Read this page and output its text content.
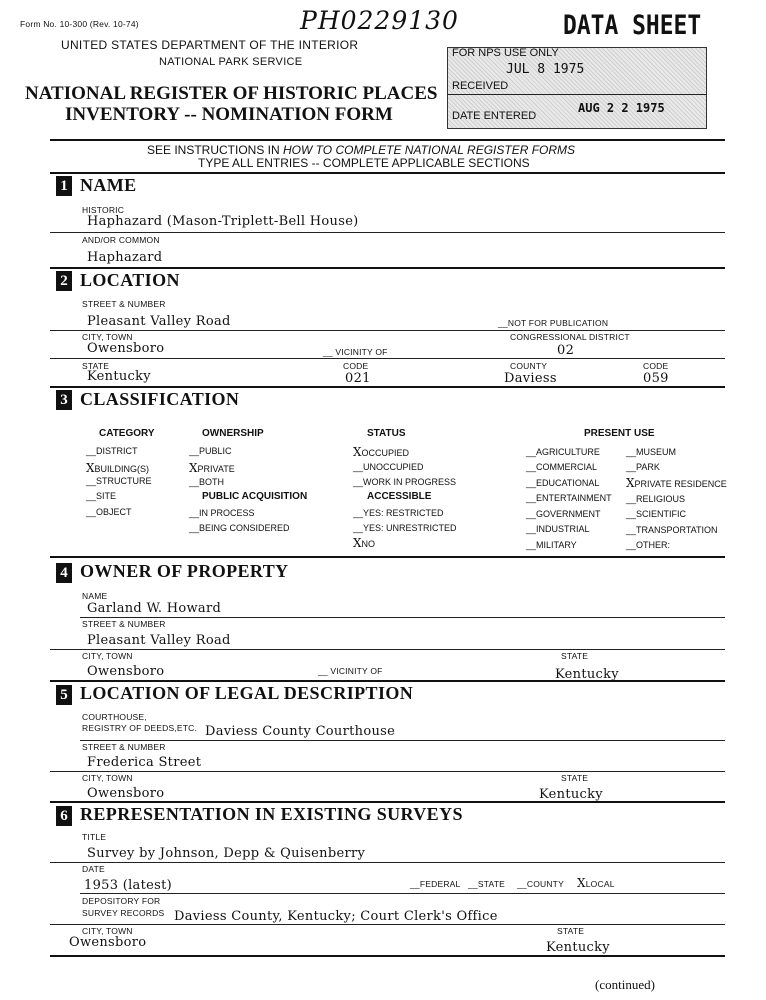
Form No. 10-300 (Rev. 10-74)	PH0229130
UNITED STATES DEPARTMENT OF THE INTERIOR
NATIONAL PARK SERVICE
NATIONAL REGISTER OF HISTORIC PLACES
INVENTORY -- NOMINATION FORM
DATA SHEET
FOR NPS USE ONLY
RECEIVED
JUL 8 1975
DATE ENTERED
AUG 2 2 1975
SEE INSTRUCTIONS IN HOW TO COMPLETE NATIONAL REGISTER FORMS
TYPE ALL ENTRIES -- COMPLETE APPLICABLE SECTIONS
1 NAME
HISTORIC
Haphazard (Mason-Triplett-Bell House)
AND/OR COMMON
Haphazard
2 LOCATION
STREET & NUMBER
Pleasant Valley Road	__NOT FOR PUBLICATION
CITY, TOWN	CONGRESSIONAL DISTRICT
Owensboro	__ VICINITY OF	02
STATE	CODE	COUNTY	CODE
Kentucky	021	Daviess	059
3 CLASSIFICATION
CATEGORY
__DISTRICT
XBUILDING(S)
__STRUCTURE
__SITE
__OBJECT
OWNERSHIP
__PUBLIC
XPRIVATE
__BOTH
PUBLIC ACQUISITION
__IN PROCESS
__BEING CONSIDERED
STATUS
XOCCUPIED
__UNOCCUPIED
__WORK IN PROGRESS
ACCESSIBLE
__YES: RESTRICTED
__YES: UNRESTRICTED
XNO
PRESENT USE
__AGRICULTURE
__COMMERCIAL
__EDUCATIONAL
__ENTERTAINMENT
__GOVERNMENT
__INDUSTRIAL
__MILITARY
__MUSEUM
__PARK
XPRIVATE RESIDENCE
__RELIGIOUS
__SCIENTIFIC
__TRANSPORTATION
__OTHER:
4 OWNER OF PROPERTY
NAME
Garland W. Howard
STREET & NUMBER
Pleasant Valley Road
CITY, TOWN	STATE
Owensboro	__ VICINITY OF	Kentucky
5 LOCATION OF LEGAL DESCRIPTION
COURTHOUSE,
REGISTRY OF DEEDS,ETC. Daviess County Courthouse
STREET & NUMBER
Frederica Street
CITY, TOWN	STATE
Owensboro	Kentucky
6 REPRESENTATION IN EXISTING SURVEYS
TITLE
Survey by Johnson, Depp & Quisenberry
DATE
1953 (latest)	__FEDERAL __STATE __COUNTY XLOCAL
DEPOSITORY FOR
SURVEY RECORDS Daviess County, Kentucky; Court Clerk's Office
CITY, TOWN	STATE
Owensboro	Kentucky
(continued)
